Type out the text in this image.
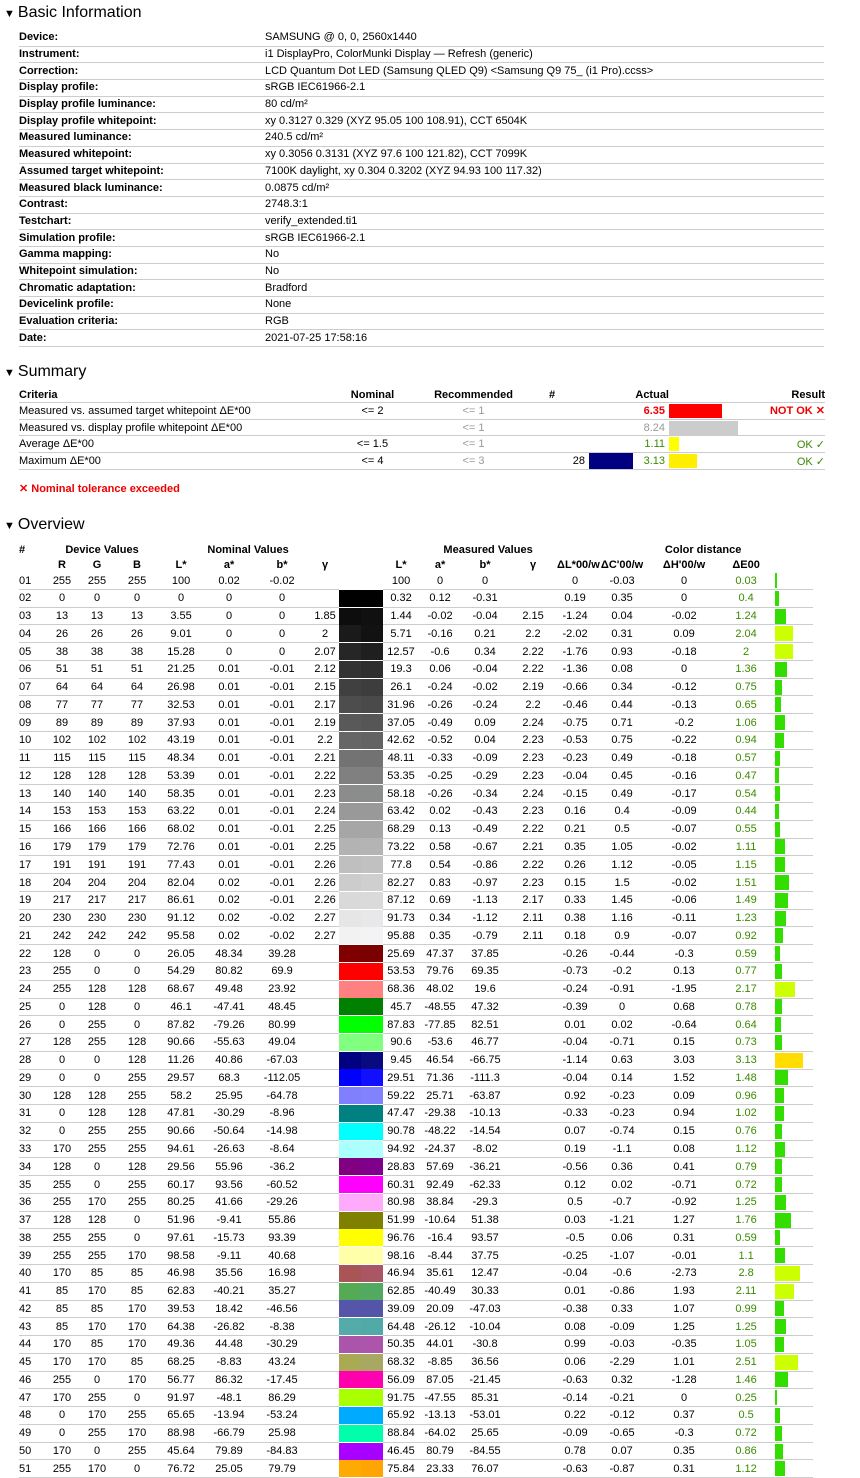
▼ Basic Information
Device:	SAMSUNG @ 0, 0, 2560x1440
Instrument:	i1 DisplayPro, ColorMunki Display — Refresh (generic)
Correction:	LCD Quantum Dot LED (Samsung QLED Q9) <Samsung Q9 75_ (i1 Pro).ccss>
Display profile:	sRGB IEC61966-2.1
Display profile luminance:	80 cd/m²
Display profile whitepoint:	xy 0.3127 0.329 (XYZ 95.05 100 108.91), CCT 6504K
Measured luminance:	240.5 cd/m²
Measured whitepoint:	xy 0.3056 0.3131 (XYZ 97.6 100 121.82), CCT 7099K
Assumed target whitepoint:	7100K daylight, xy 0.304 0.3202 (XYZ 94.93 100 117.32)
Measured black luminance:	0.0875 cd/m²
Contrast:	2748.3:1
Testchart:	verify_extended.ti1
Simulation profile:	sRGB IEC61966-2.1
Gamma mapping:	No
Whitepoint simulation:	No
Chromatic adaptation:	Bradford
Devicelink profile:	None
Evaluation criteria:	RGB
Date:	2021-07-25 17:58:16
▼ Summary
Criteria	Nominal	Recommended	#		Actual		Result
Measured vs. assumed target whitepoint ΔE*00	<= 2	<= 1			6.35		NOT OK ✕
Measured vs. display profile whitepoint ΔE*00		<= 1			8.24		
Average ΔE*00	<= 1.5	<= 1			1.11		OK ✓
Maximum ΔE*00	<= 4	<= 3	28		3.13		OK ✓
✕ Nominal tolerance exceeded
▼ Overview
#	Device Values			Nominal Values					Measured Values					Color distance				
	R	G	B	L*	a*	b*	γ		L*	a*	b*	γ	ΔL*00/w	ΔC'00/w	ΔH'00/w	ΔE00		
01	255	255	255	100	0.02	-0.02			100	0	0		0	-0.03	0	0.03		

02	0	0	0	0	0	0			0.32	0.12	-0.31		0.19	0.35	0	0.4		

03	13	13	13	3.55	0	0	1.85		1.44	-0.02	-0.04	2.15	-1.24	0.04	-0.02	1.24		

04	26	26	26	9.01	0	0	2		5.71	-0.16	0.21	2.2	-2.02	0.31	0.09	2.04		

05	38	38	38	15.28	0	0	2.07		12.57	-0.6	0.34	2.22	-1.76	0.93	-0.18	2		

06	51	51	51	21.25	0.01	-0.01	2.12		19.3	0.06	-0.04	2.22	-1.36	0.08	0	1.36		

07	64	64	64	26.98	0.01	-0.01	2.15		26.1	-0.24	-0.02	2.19	-0.66	0.34	-0.12	0.75		

08	77	77	77	32.53	0.01	-0.01	2.17		31.96	-0.26	-0.24	2.2	-0.46	0.44	-0.13	0.65		

09	89	89	89	37.93	0.01	-0.01	2.19		37.05	-0.49	0.09	2.24	-0.75	0.71	-0.2	1.06		

10	102	102	102	43.19	0.01	-0.01	2.2		42.62	-0.52	0.04	2.23	-0.53	0.75	-0.22	0.94		

11	115	115	115	48.34	0.01	-0.01	2.21		48.11	-0.33	-0.09	2.23	-0.23	0.49	-0.18	0.57		

12	128	128	128	53.39	0.01	-0.01	2.22		53.35	-0.25	-0.29	2.23	-0.04	0.45	-0.16	0.47		

13	140	140	140	58.35	0.01	-0.01	2.23		58.18	-0.26	-0.34	2.24	-0.15	0.49	-0.17	0.54		

14	153	153	153	63.22	0.01	-0.01	2.24		63.42	0.02	-0.43	2.23	0.16	0.4	-0.09	0.44		

15	166	166	166	68.02	0.01	-0.01	2.25		68.29	0.13	-0.49	2.22	0.21	0.5	-0.07	0.55		

16	179	179	179	72.76	0.01	-0.01	2.25		73.22	0.58	-0.67	2.21	0.35	1.05	-0.02	1.11		

17	191	191	191	77.43	0.01	-0.01	2.26		77.8	0.54	-0.86	2.22	0.26	1.12	-0.05	1.15		

18	204	204	204	82.04	0.02	-0.01	2.26		82.27	0.83	-0.97	2.23	0.15	1.5	-0.02	1.51		

19	217	217	217	86.61	0.02	-0.01	2.26		87.12	0.69	-1.13	2.17	0.33	1.45	-0.06	1.49		

20	230	230	230	91.12	0.02	-0.02	2.27		91.73	0.34	-1.12	2.11	0.38	1.16	-0.11	1.23		

21	242	242	242	95.58	0.02	-0.02	2.27		95.88	0.35	-0.79	2.11	0.18	0.9	-0.07	0.92		

22	128	0	0	26.05	48.34	39.28			25.69	47.37	37.85		-0.26	-0.44	-0.3	0.59		

23	255	0	0	54.29	80.82	69.9			53.53	79.76	69.35		-0.73	-0.2	0.13	0.77		

24	255	128	128	68.67	49.48	23.92			68.36	48.02	19.6		-0.24	-0.91	-1.95	2.17		

25	0	128	0	46.1	-47.41	48.45			45.7	-48.55	47.32		-0.39	0	0.68	0.78		

26	0	255	0	87.82	-79.26	80.99			87.83	-77.85	82.51		0.01	0.02	-0.64	0.64		

27	128	255	128	90.66	-55.63	49.04			90.6	-53.6	46.77		-0.04	-0.71	0.15	0.73		

28	0	0	128	11.26	40.86	-67.03			9.45	46.54	-66.75		-1.14	0.63	3.03	3.13		

29	0	0	255	29.57	68.3	-112.05			29.51	71.36	-111.3		-0.04	0.14	1.52	1.48		

30	128	128	255	58.2	25.95	-64.78			59.22	25.71	-63.87		0.92	-0.23	0.09	0.96		

31	0	128	128	47.81	-30.29	-8.96			47.47	-29.38	-10.13		-0.33	-0.23	0.94	1.02		

32	0	255	255	90.66	-50.64	-14.98			90.78	-48.22	-14.54		0.07	-0.74	0.15	0.76		

33	170	255	255	94.61	-26.63	-8.64			94.92	-24.37	-8.02		0.19	-1.1	0.08	1.12		

34	128	0	128	29.56	55.96	-36.2			28.83	57.69	-36.21		-0.56	0.36	0.41	0.79		

35	255	0	255	60.17	93.56	-60.52			60.31	92.49	-62.33		0.12	0.02	-0.71	0.72		

36	255	170	255	80.25	41.66	-29.26			80.98	38.84	-29.3		0.5	-0.7	-0.92	1.25		

37	128	128	0	51.96	-9.41	55.86			51.99	-10.64	51.38		0.03	-1.21	1.27	1.76		

38	255	255	0	97.61	-15.73	93.39			96.76	-16.4	93.57		-0.5	0.06	0.31	0.59		

39	255	255	170	98.58	-9.11	40.68			98.16	-8.44	37.75		-0.25	-1.07	-0.01	1.1		

40	170	85	85	46.98	35.56	16.98			46.94	35.61	12.47		-0.04	-0.6	-2.73	2.8		

41	85	170	85	62.83	-40.21	35.27			62.85	-40.49	30.33		0.01	-0.86	1.93	2.11		

42	85	85	170	39.53	18.42	-46.56			39.09	20.09	-47.03		-0.38	0.33	1.07	0.99		

43	85	170	170	64.38	-26.82	-8.38			64.48	-26.12	-10.04		0.08	-0.09	1.25	1.25		

44	170	85	170	49.36	44.48	-30.29			50.35	44.01	-30.8		0.99	-0.03	-0.35	1.05		

45	170	170	85	68.25	-8.83	43.24			68.32	-8.85	36.56		0.06	-2.29	1.01	2.51		

46	255	0	170	56.77	86.32	-17.45			56.09	87.05	-21.45		-0.63	0.32	-1.28	1.46		

47	170	255	0	91.97	-48.1	86.29			91.75	-47.55	85.31		-0.14	-0.21	0	0.25		

48	0	170	255	65.65	-13.94	-53.24			65.92	-13.13	-53.01		0.22	-0.12	0.37	0.5		

49	0	255	170	88.98	-66.79	25.98			88.84	-64.02	25.65		-0.09	-0.65	-0.3	0.72		

50	170	0	255	45.64	79.89	-84.83			46.45	80.79	-84.55		0.78	0.07	0.35	0.86		

51	255	170	0	76.72	25.05	79.79			75.84	23.33	76.07		-0.63	-0.87	0.31	1.12		
